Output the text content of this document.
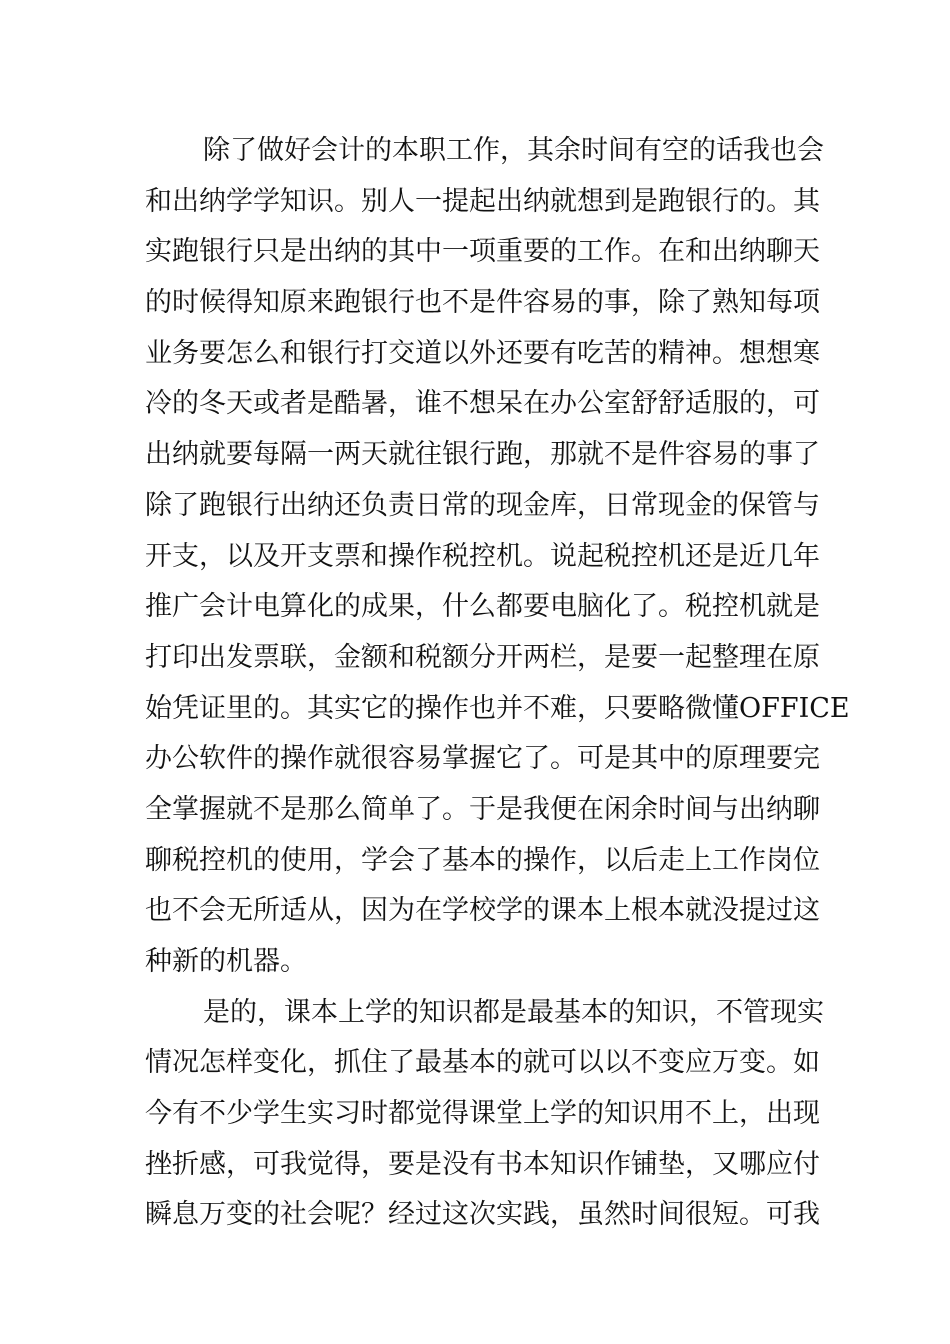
除了做好会计的本职工作，其余时间有空的话我也会
和出纳学学知识。别人一提起出纳就想到是跑银行的。其
实跑银行只是出纳的其中一项重要的工作。在和出纳聊天
的时候得知原来跑银行也不是件容易的事，除了熟知每项
业务要怎么和银行打交道以外还要有吃苦的精神。想想寒
冷的冬天或者是酷暑，谁不想呆在办公室舒舒适服的，可
出纳就要每隔一两天就往银行跑，那就不是件容易的事了
除了跑银行出纳还负责日常的现金库，日常现金的保管与
开支，以及开支票和操作税控机。说起税控机还是近几年
推广会计电算化的成果，什么都要电脑化了。税控机就是
打印出发票联，金额和税额分开两栏，是要一起整理在原
始凭证里的。其实它的操作也并不难，只要略微懂OFFICE
办公软件的操作就很容易掌握它了。可是其中的原理要完
全掌握就不是那么简单了。于是我便在闲余时间与出纳聊
聊税控机的使用，学会了基本的操作，以后走上工作岗位
也不会无所适从，因为在学校学的课本上根本就没提过这
种新的机器。
是的，课本上学的知识都是最基本的知识，不管现实
情况怎样变化，抓住了最基本的就可以以不变应万变。如
今有不少学生实习时都觉得课堂上学的知识用不上，出现
挫折感，可我觉得，要是没有书本知识作铺垫，又哪应付
瞬息万变的社会呢？经过这次实践，虽然时间很短。可我
